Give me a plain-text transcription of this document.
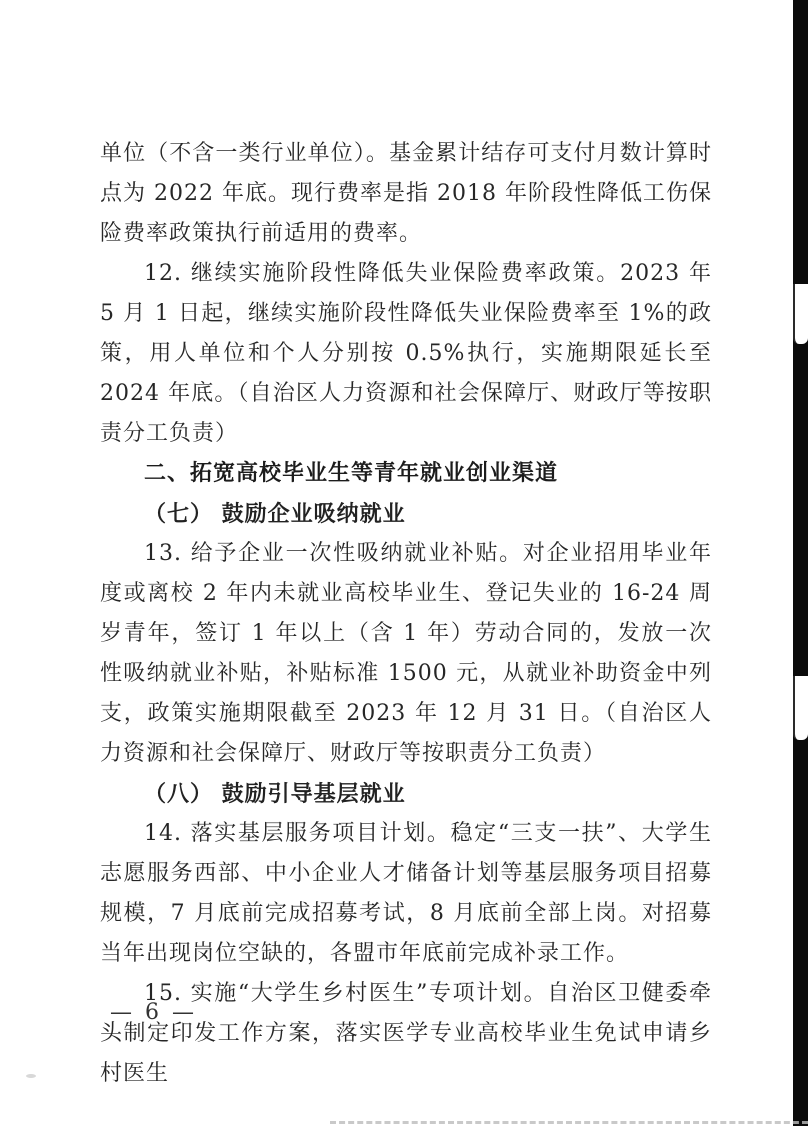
单位（不含一类行业单位）。基金累计结存可支付月数计算时点为 2022 年底。现行费率是指 2018 年阶段性降低工伤保险费率政策执行前适用的费率。

12. 继续实施阶段性降低失业保险费率政策。2023 年 5 月 1 日起，继续实施阶段性降低失业保险费率至 1%的政策，用人单位和个人分别按 0.5%执行，实施期限延长至 2024 年底。（自治区人力资源和社会保障厅、财政厅等按职责分工负责）

二、拓宽高校毕业生等青年就业创业渠道

（七） 鼓励企业吸纳就业

13. 给予企业一次性吸纳就业补贴。对企业招用毕业年度或离校 2 年内未就业高校毕业生、登记失业的 16-24 周岁青年，签订 1 年以上（含 1 年）劳动合同的，发放一次性吸纳就业补贴，补贴标准 1500 元，从就业补助资金中列支，政策实施期限截至 2023 年 12 月 31 日。（自治区人力资源和社会保障厅、财政厅等按职责分工负责）

（八） 鼓励引导基层就业

14. 落实基层服务项目计划。稳定“三支一扶”、大学生志愿服务西部、中小企业人才储备计划等基层服务项目招募规模，7 月底前完成招募考试，8 月底前全部上岗。对招募当年出现岗位空缺的，各盟市年底前完成补录工作。

15. 实施“大学生乡村医生”专项计划。自治区卫健委牵头制定印发工作方案，落实医学专业高校毕业生免试申请乡村医生

— 6 —
